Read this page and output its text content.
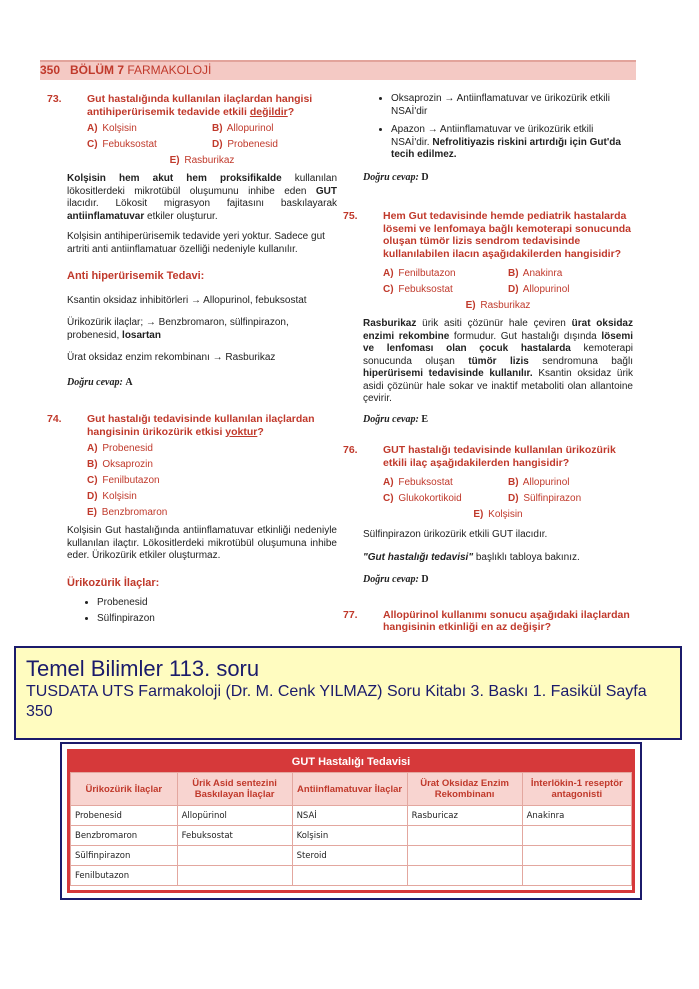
350 BÖLÜM 7 FARMAKOLOJİ

73. Gut hastalığında kullanılan ilaçlardan hangisi antihiperürisemik tedavide etkili değildir?

A) Kolşisin	B) Allopurinol
C) Febuksostat	D) Probenesid
E) Rasburikaz

Kolşisin hem akut hem proksifikalde kullanılan lökositlerdeki mikrotübül oluşumunu inhibe eden GUT ilacıdır. Lökosit migrasyon fajitasını baskılayarak antiinflamatuvar etkiler oluşturur.

Kolşisin antihiperürisemik tedavide yeri yoktur. Sadece gut artriti anti antiinflamatuar özelliği nedeniyle kullanılır.

Anti hiperürisemik Tedavi:

Ksantin oksidaz inhibitörleri → Allopurinol, febuksostat

Ürikozürik ilaçlar; → Benzbromaron, sülfinpirazon, probenesid, losartan

Ürat oksidaz enzim rekombinanı → Rasburikaz

Doğru cevap: A

74. Gut hastalığı tedavisinde kullanılan ilaçlardan hangisinin ürikozürik etkisi yoktur?

A) Probenesid
B) Oksaprozin
C) Fenilbutazon
D) Kolşisin
E) Benzbromaron

Kolşisin Gut hastalığında antiinflamatuvar etkinliği nedeniyle kullanılan ilaçtır. Lökositlerdeki mikrotübül oluşumuna inhibe eder. Ürikozürik etkiler oluşturmaz.

Ürikozürik İlaçlar:

• Probenesid
• Sülfinpirazon
• Oksaprozin → Antiinflamatuvar ve ürikozürik etkili NSAİ'dir
• Apazon → Antiinflamatuvar ve ürikozürik etkili NSAİ'dir. Nefrolitiyazis riskini artırdığı için Gut'da tecih edilmez.

Doğru cevap: D

75. Hem Gut tedavisinde hemde pediatrik hastalarda lösemi ve lenfomaya bağlı kemoterapi sonucunda oluşan tümör lizis sendrom tedavisinde kullanılabilen ilacın aşağıdakilerden hangisidir?

A) Fenilbutazon	B) Anakinra
C) Febuksostat	D) Allopurinol
E) Rasburikaz

Rasburikaz ürik asiti çözünür hale çeviren ürat oksidaz enzimi rekombine formudur. Gut hastalığı dışında lösemi ve lenfoması olan çocuk hastalarda kemoterapi sonucunda oluşan tümör lizis sendromuna bağlı hiperürisemi tedavisinde kullanılır. Ksantin oksidaz ürik asidi çözünür hale sokar ve inaktif metaboliti olan allantoine çevirir.

Doğru cevap: E

76. GUT hastalığı tedavisinde kullanılan ürikozürik etkili ilaç aşağıdakilerden hangisidir?

A) Febuksostat	B) Allopurinol
C) Glukokortikoid	D) Sülfinpirazon
E) Kolşisin

Sülfinpirazon ürikozürik etkili GUT ilacıdır.

"Gut hastalığı tedavisi" başlıklı tabloya bakınız.

Doğru cevap: D

77. Allopürinol kullanımı sonucu aşağıdaki ilaçlardan hangisinin etkinliği en az değişir?

Temel Bilimler 113. soru
TUSDATA UTS Farmakoloji (Dr. M. Cenk YILMAZ) Soru Kitabı 3. Baskı 1. Fasikül Sayfa 350
GUT Hastalığı Tedavisi
Ürikozürik İlaçlar	Ürik Asid sentezini Baskılayan İlaçlar	Antiinflamatuvar İlaçlar	Ürat Oksidaz Enzim Rekombinanı	İnterlökin-1 reseptör antagonisti
Probenesid	Allopürinol	NSAİ	Rasburicaz	Anakinra
Benzbromaron	Febuksostat	Kolşisin		
Sülfinpirazon		Steroid		
Fenilbutazon				
